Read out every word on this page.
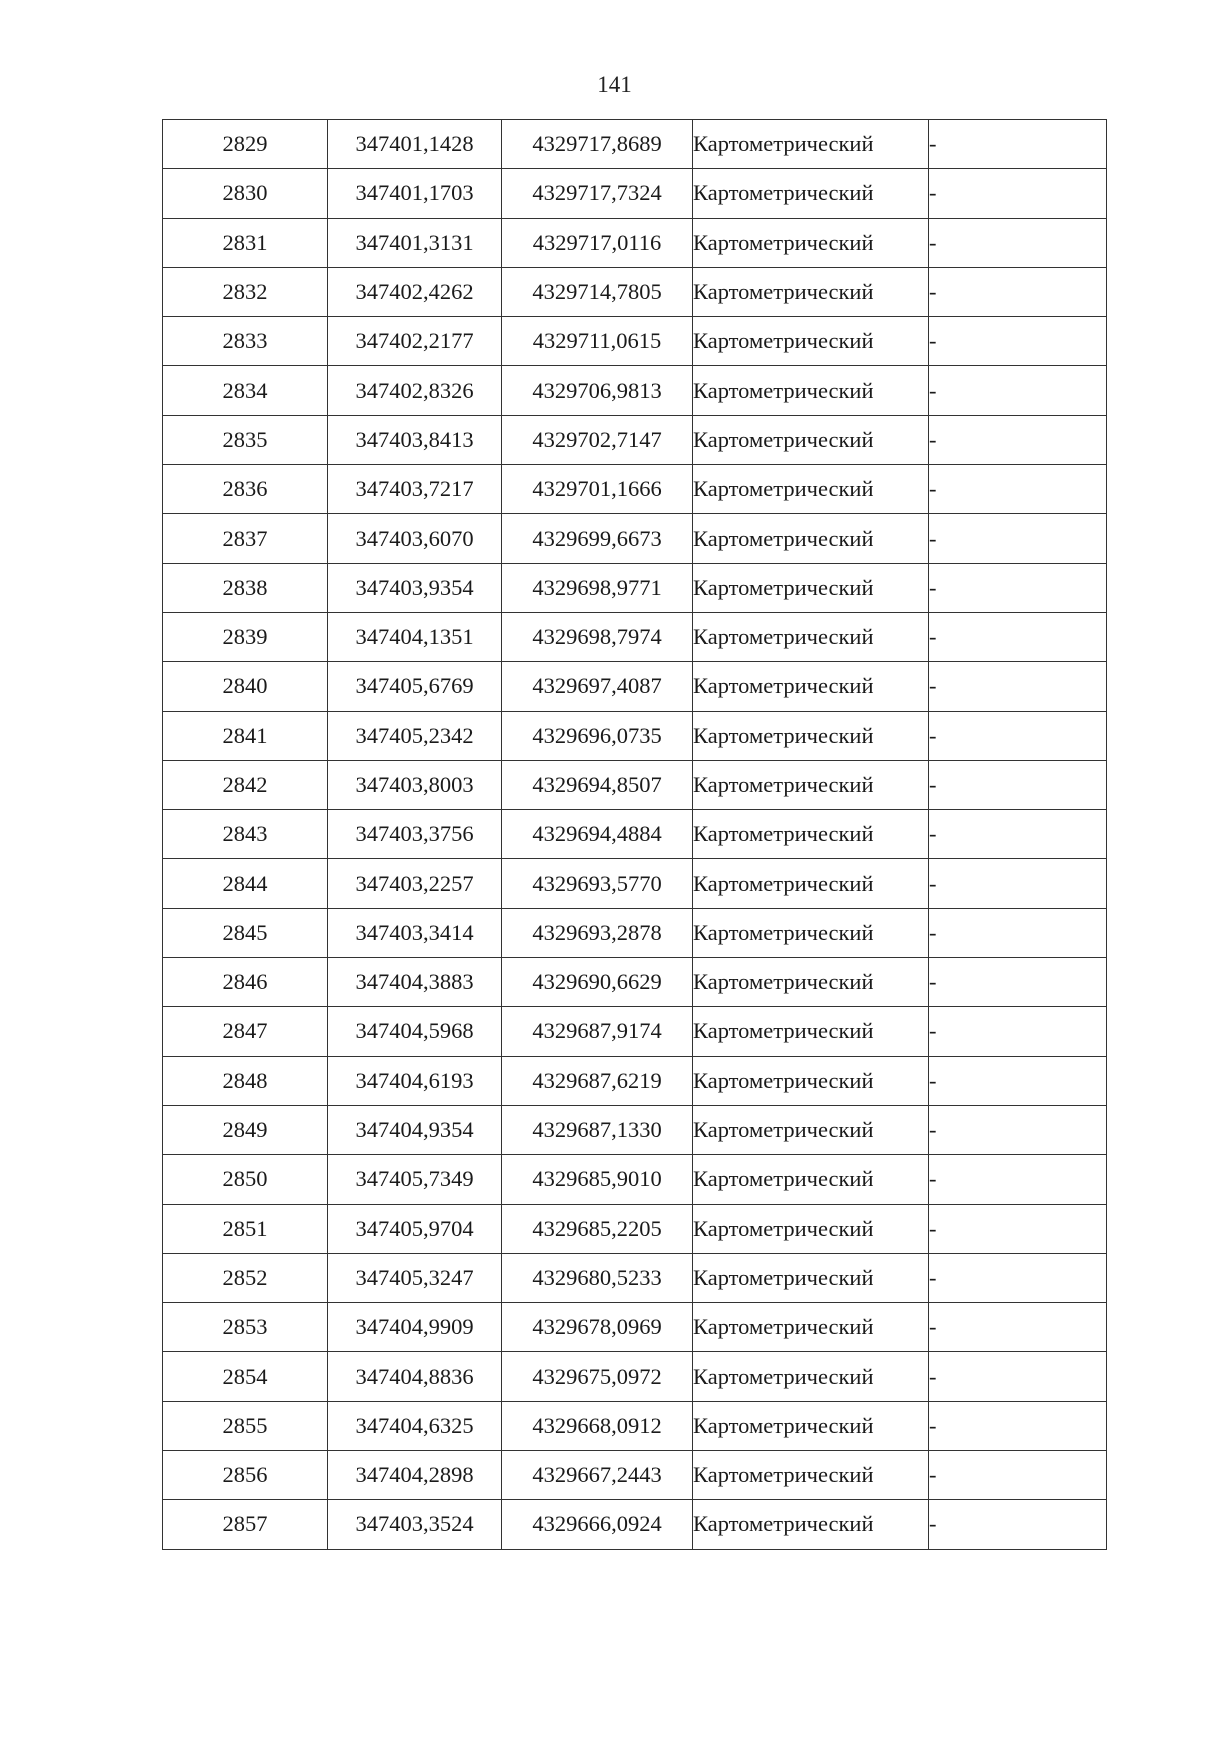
141
2829	347401,1428	4329717,8689	Картометрический	-
2830	347401,1703	4329717,7324	Картометрический	-
2831	347401,3131	4329717,0116	Картометрический	-
2832	347402,4262	4329714,7805	Картометрический	-
2833	347402,2177	4329711,0615	Картометрический	-
2834	347402,8326	4329706,9813	Картометрический	-
2835	347403,8413	4329702,7147	Картометрический	-
2836	347403,7217	4329701,1666	Картометрический	-
2837	347403,6070	4329699,6673	Картометрический	-
2838	347403,9354	4329698,9771	Картометрический	-
2839	347404,1351	4329698,7974	Картометрический	-
2840	347405,6769	4329697,4087	Картометрический	-
2841	347405,2342	4329696,0735	Картометрический	-
2842	347403,8003	4329694,8507	Картометрический	-
2843	347403,3756	4329694,4884	Картометрический	-
2844	347403,2257	4329693,5770	Картометрический	-
2845	347403,3414	4329693,2878	Картометрический	-
2846	347404,3883	4329690,6629	Картометрический	-
2847	347404,5968	4329687,9174	Картометрический	-
2848	347404,6193	4329687,6219	Картометрический	-
2849	347404,9354	4329687,1330	Картометрический	-
2850	347405,7349	4329685,9010	Картометрический	-
2851	347405,9704	4329685,2205	Картометрический	-
2852	347405,3247	4329680,5233	Картометрический	-
2853	347404,9909	4329678,0969	Картометрический	-
2854	347404,8836	4329675,0972	Картометрический	-
2855	347404,6325	4329668,0912	Картометрический	-
2856	347404,2898	4329667,2443	Картометрический	-
2857	347403,3524	4329666,0924	Картометрический	-
